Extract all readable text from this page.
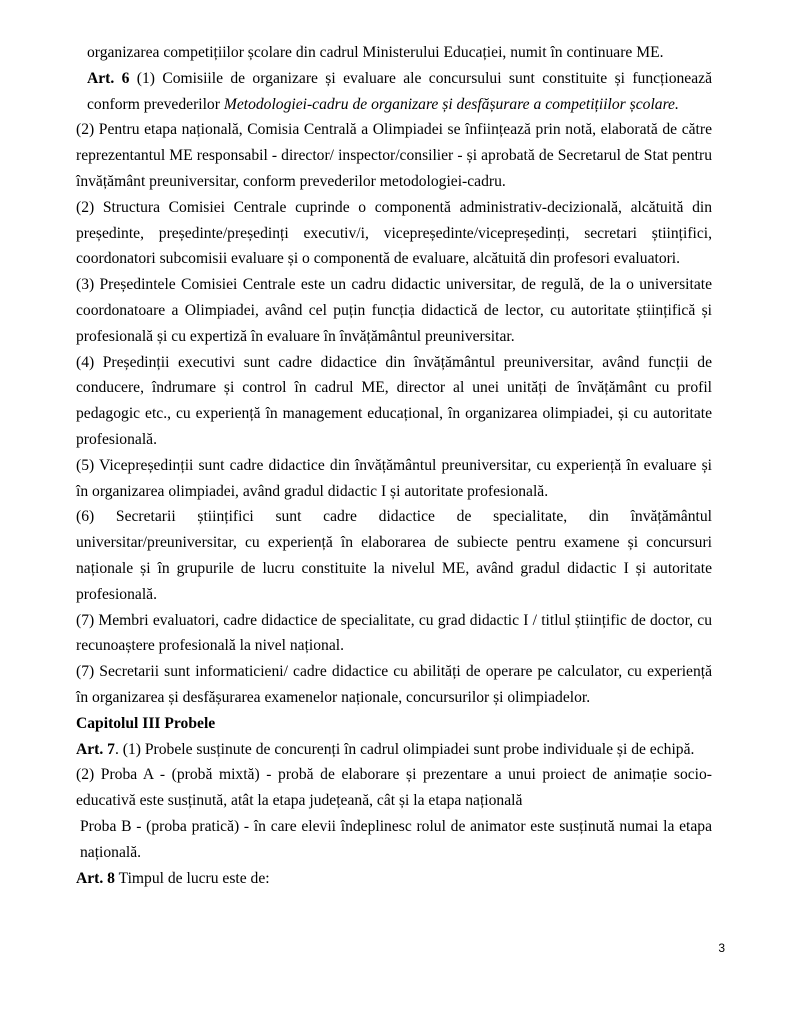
organizarea competițiilor școlare din cadrul Ministerului Educației, numit în continuare ME.

Art. 6 (1) Comisiile de organizare și evaluare ale concursului sunt constituite și funcționează conform prevederilor Metodologiei-cadru de organizare și desfășurare a competițiilor școlare.

(2) Pentru etapa națională, Comisia Centrală a Olimpiadei se înființează prin notă, elaborată de către reprezentantul ME responsabil - director/ inspector/consilier - și aprobată de Secretarul de Stat pentru învățământ preuniversitar, conform prevederilor metodologiei-cadru.

(2) Structura Comisiei Centrale cuprinde o componentă administrativ-decizională, alcătuită din președinte, președinte/președinți executiv/i, vicepreședinte/vicepreședinți, secretari științifici, coordonatori subcomisii evaluare și o componentă de evaluare, alcătuită din profesori evaluatori.

(3) Președintele Comisiei Centrale este un cadru didactic universitar, de regulă, de la o universitate coordonatoare a Olimpiadei, având cel puțin funcția didactică de lector, cu autoritate științifică și profesională și cu expertiză în evaluare în învățământul preuniversitar.

(4) Președinții executivi sunt cadre didactice din învățământul preuniversitar, având funcții de conducere, îndrumare și control în cadrul ME, director al unei unități de învățământ cu profil pedagogic etc., cu experiență în management educațional, în organizarea olimpiadei, și cu autoritate profesională.

(5) Vicepreședinții sunt cadre didactice din învățământul preuniversitar, cu experiență în evaluare și în organizarea olimpiadei, având gradul didactic I și autoritate profesională.

(6) Secretarii științifici sunt cadre didactice de specialitate, din învățământul universitar/preuniversitar, cu experiență în elaborarea de subiecte pentru examene și concursuri naționale și în grupurile de lucru constituite la nivelul ME, având gradul didactic I și autoritate profesională.

(7) Membri evaluatori, cadre didactice de specialitate, cu grad didactic I / titlul științific de doctor, cu recunoaștere profesională la nivel național.

(7) Secretarii sunt informaticieni/ cadre didactice cu abilități de operare pe calculator, cu experiență în organizarea și desfășurarea examenelor naționale, concursurilor și olimpiadelor.

Capitolul III Probele

Art. 7. (1) Probele susținute de concurenți în cadrul olimpiadei sunt probe individuale și de echipă.

(2) Proba A - (probă mixtă) - probă de elaborare și prezentare a unui proiect de animație socio-educativă este susținută, atât la etapa județeană, cât și la etapa națională

Proba B - (proba pratică) - în care elevii îndeplinesc rolul de animator este susținută numai la etapa națională.

Art. 8 Timpul de lucru este de:

3
